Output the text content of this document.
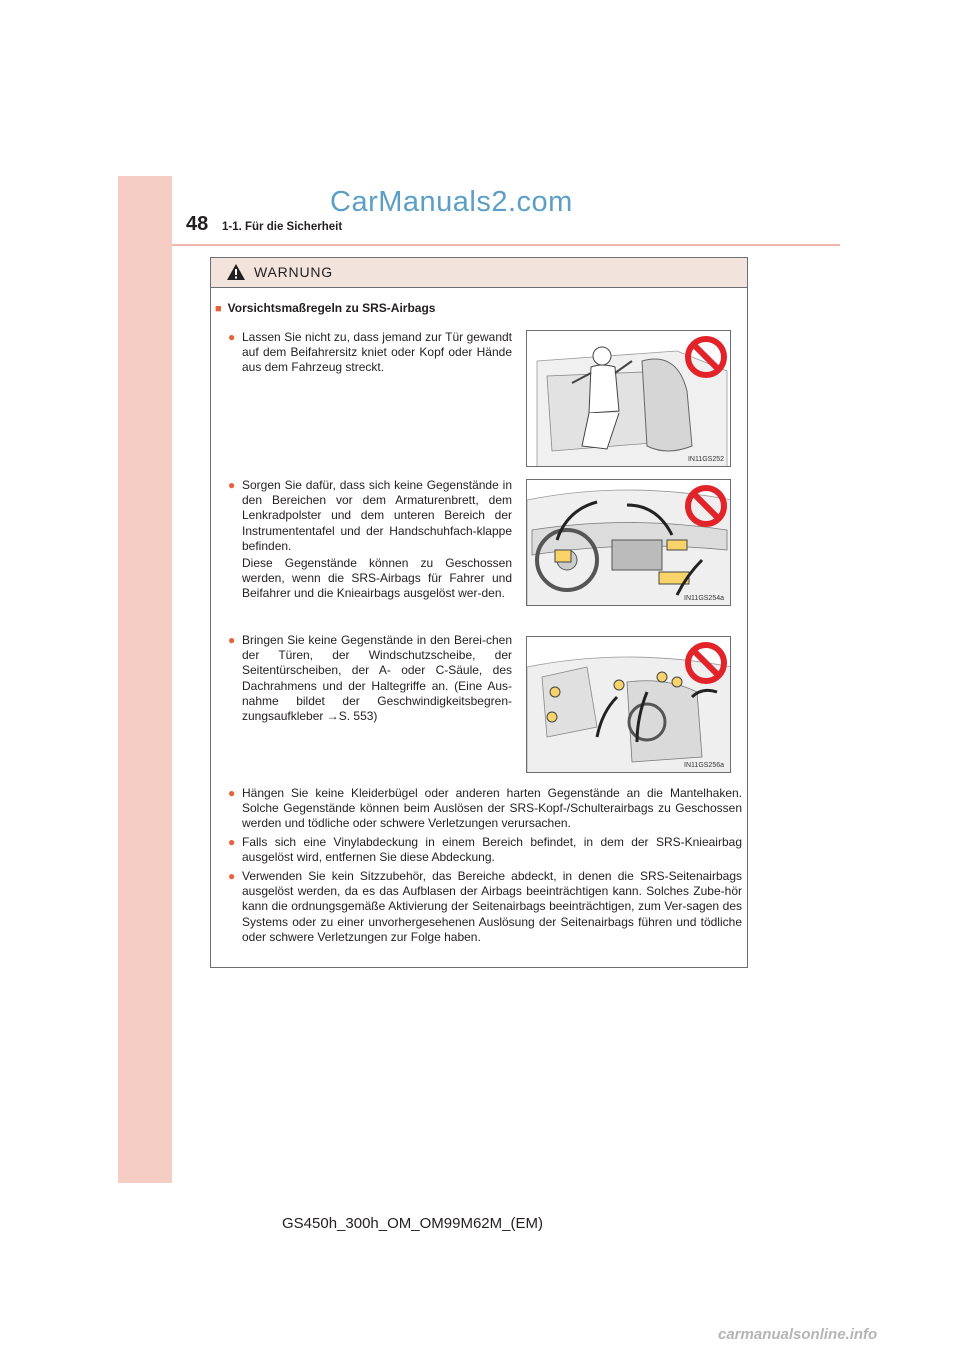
48 1-1. Für die Sicherheit
CarManuals2.com
WARNUNG
■ Vorsichtsmaßregeln zu SRS-Airbags
● Lassen Sie nicht zu, dass jemand zur Tür gewandt auf dem Beifahrersitz kniet oder Kopf oder Hände aus dem Fahrzeug streckt.
● Sorgen Sie dafür, dass sich keine Gegenstände in den Bereichen vor dem Armaturenbrett, dem Lenkradpolster und dem unteren Bereich der Instrumententafel und der Handschuhfach-klappe befinden.
Diese Gegenstände können zu Geschossen werden, wenn die SRS-Airbags für Fahrer und Beifahrer und die Knieairbags ausgelöst wer-den.
● Bringen Sie keine Gegenstände in den Berei-chen der Türen, der Windschutzscheibe, der Seitentürscheiben, der A- oder C-Säule, des Dachrahmens und der Haltegriffe an. (Eine Aus-nahme bildet der Geschwindigkeitsbegren-zungsaufkleber →S. 553)
● Hängen Sie keine Kleiderbügel oder anderen harten Gegenstände an die Mantelhaken. Solche Gegenstände können beim Auslösen der SRS-Kopf-/Schulterairbags zu Geschossen werden und tödliche oder schwere Verletzungen verursachen.
● Falls sich eine Vinylabdeckung in einem Bereich befindet, in dem der SRS-Knieairbag ausgelöst wird, entfernen Sie diese Abdeckung.
● Verwenden Sie kein Sitzzubehör, das Bereiche abdeckt, in denen die SRS-Seitenairbags ausgelöst werden, da es das Aufblasen der Airbags beeinträchtigen kann. Solches Zube-hör kann die ordnungsgemäße Aktivierung der Seitenairbags beeinträchtigen, zum Ver-sagen des Systems oder zu einer unvorhergesehenen Auslösung der Seitenairbags führen und tödliche oder schwere Verletzungen zur Folge haben.
IN11GS252
IN11GS254a
IN11GS256a
GS450h_300h_OM_OM99M62M_(EM)
carmanualsonline.info
